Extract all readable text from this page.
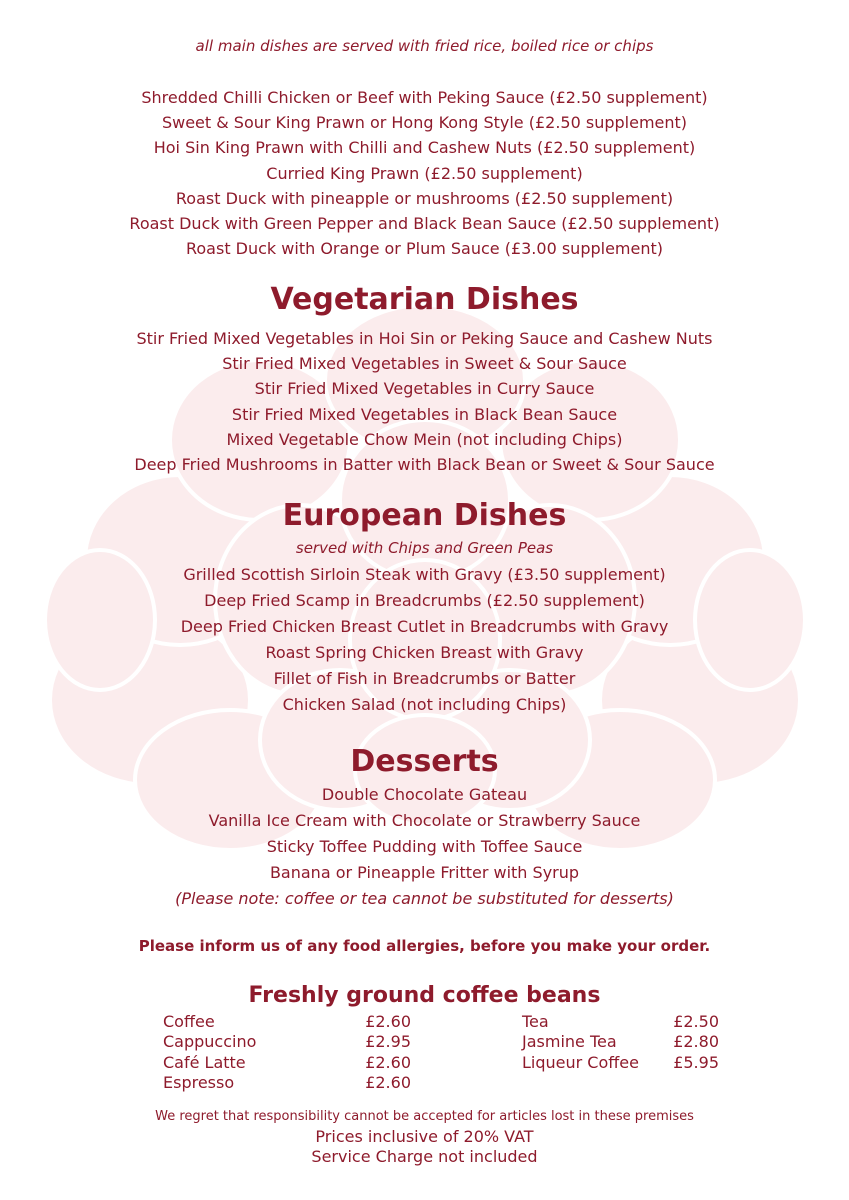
all main dishes are served with fried rice, boiled rice or chips
Shredded Chilli Chicken or Beef with Peking Sauce (£2.50 supplement)
Sweet & Sour King Prawn or Hong Kong Style (£2.50 supplement)
Hoi Sin King Prawn with Chilli and Cashew Nuts (£2.50 supplement)
Curried King Prawn (£2.50 supplement)
Roast Duck with pineapple or mushrooms (£2.50 supplement)
Roast Duck with Green Pepper and Black Bean Sauce (£2.50 supplement)
Roast Duck with Orange or Plum Sauce (£3.00 supplement)
Vegetarian Dishes
Stir Fried Mixed Vegetables in Hoi Sin or Peking Sauce and Cashew Nuts
Stir Fried Mixed Vegetables in Sweet & Sour Sauce
Stir Fried Mixed Vegetables in Curry Sauce
Stir Fried Mixed Vegetables in Black Bean Sauce
Mixed Vegetable Chow Mein (not including Chips)
Deep Fried Mushrooms in Batter with Black Bean or Sweet & Sour Sauce
European Dishes
served with Chips and Green Peas
Grilled Scottish Sirloin Steak with Gravy (£3.50 supplement)
Deep Fried Scamp in Breadcrumbs (£2.50 supplement)
Deep Fried Chicken Breast Cutlet in Breadcrumbs with Gravy
Roast Spring Chicken Breast with Gravy
Fillet of Fish in Breadcrumbs or Batter
Chicken Salad (not including Chips)
Desserts
Double Chocolate Gateau
Vanilla Ice Cream with Chocolate or Strawberry Sauce
Sticky Toffee Pudding with Toffee Sauce
Banana or Pineapple Fritter with Syrup
(Please note: coffee or tea cannot be substituted for desserts)
Please inform us of any food allergies, before you make your order.
Freshly ground coffee beans
Coffee	£2.60
Cappuccino	£2.95
Café Latte	£2.60
Espresso	£2.60
Tea	£2.50
Jasmine Tea	£2.80
Liqueur Coffee £5.95
We regret that responsibility cannot be accepted for articles lost in these premises
Prices inclusive of 20% VAT
Service Charge not included
